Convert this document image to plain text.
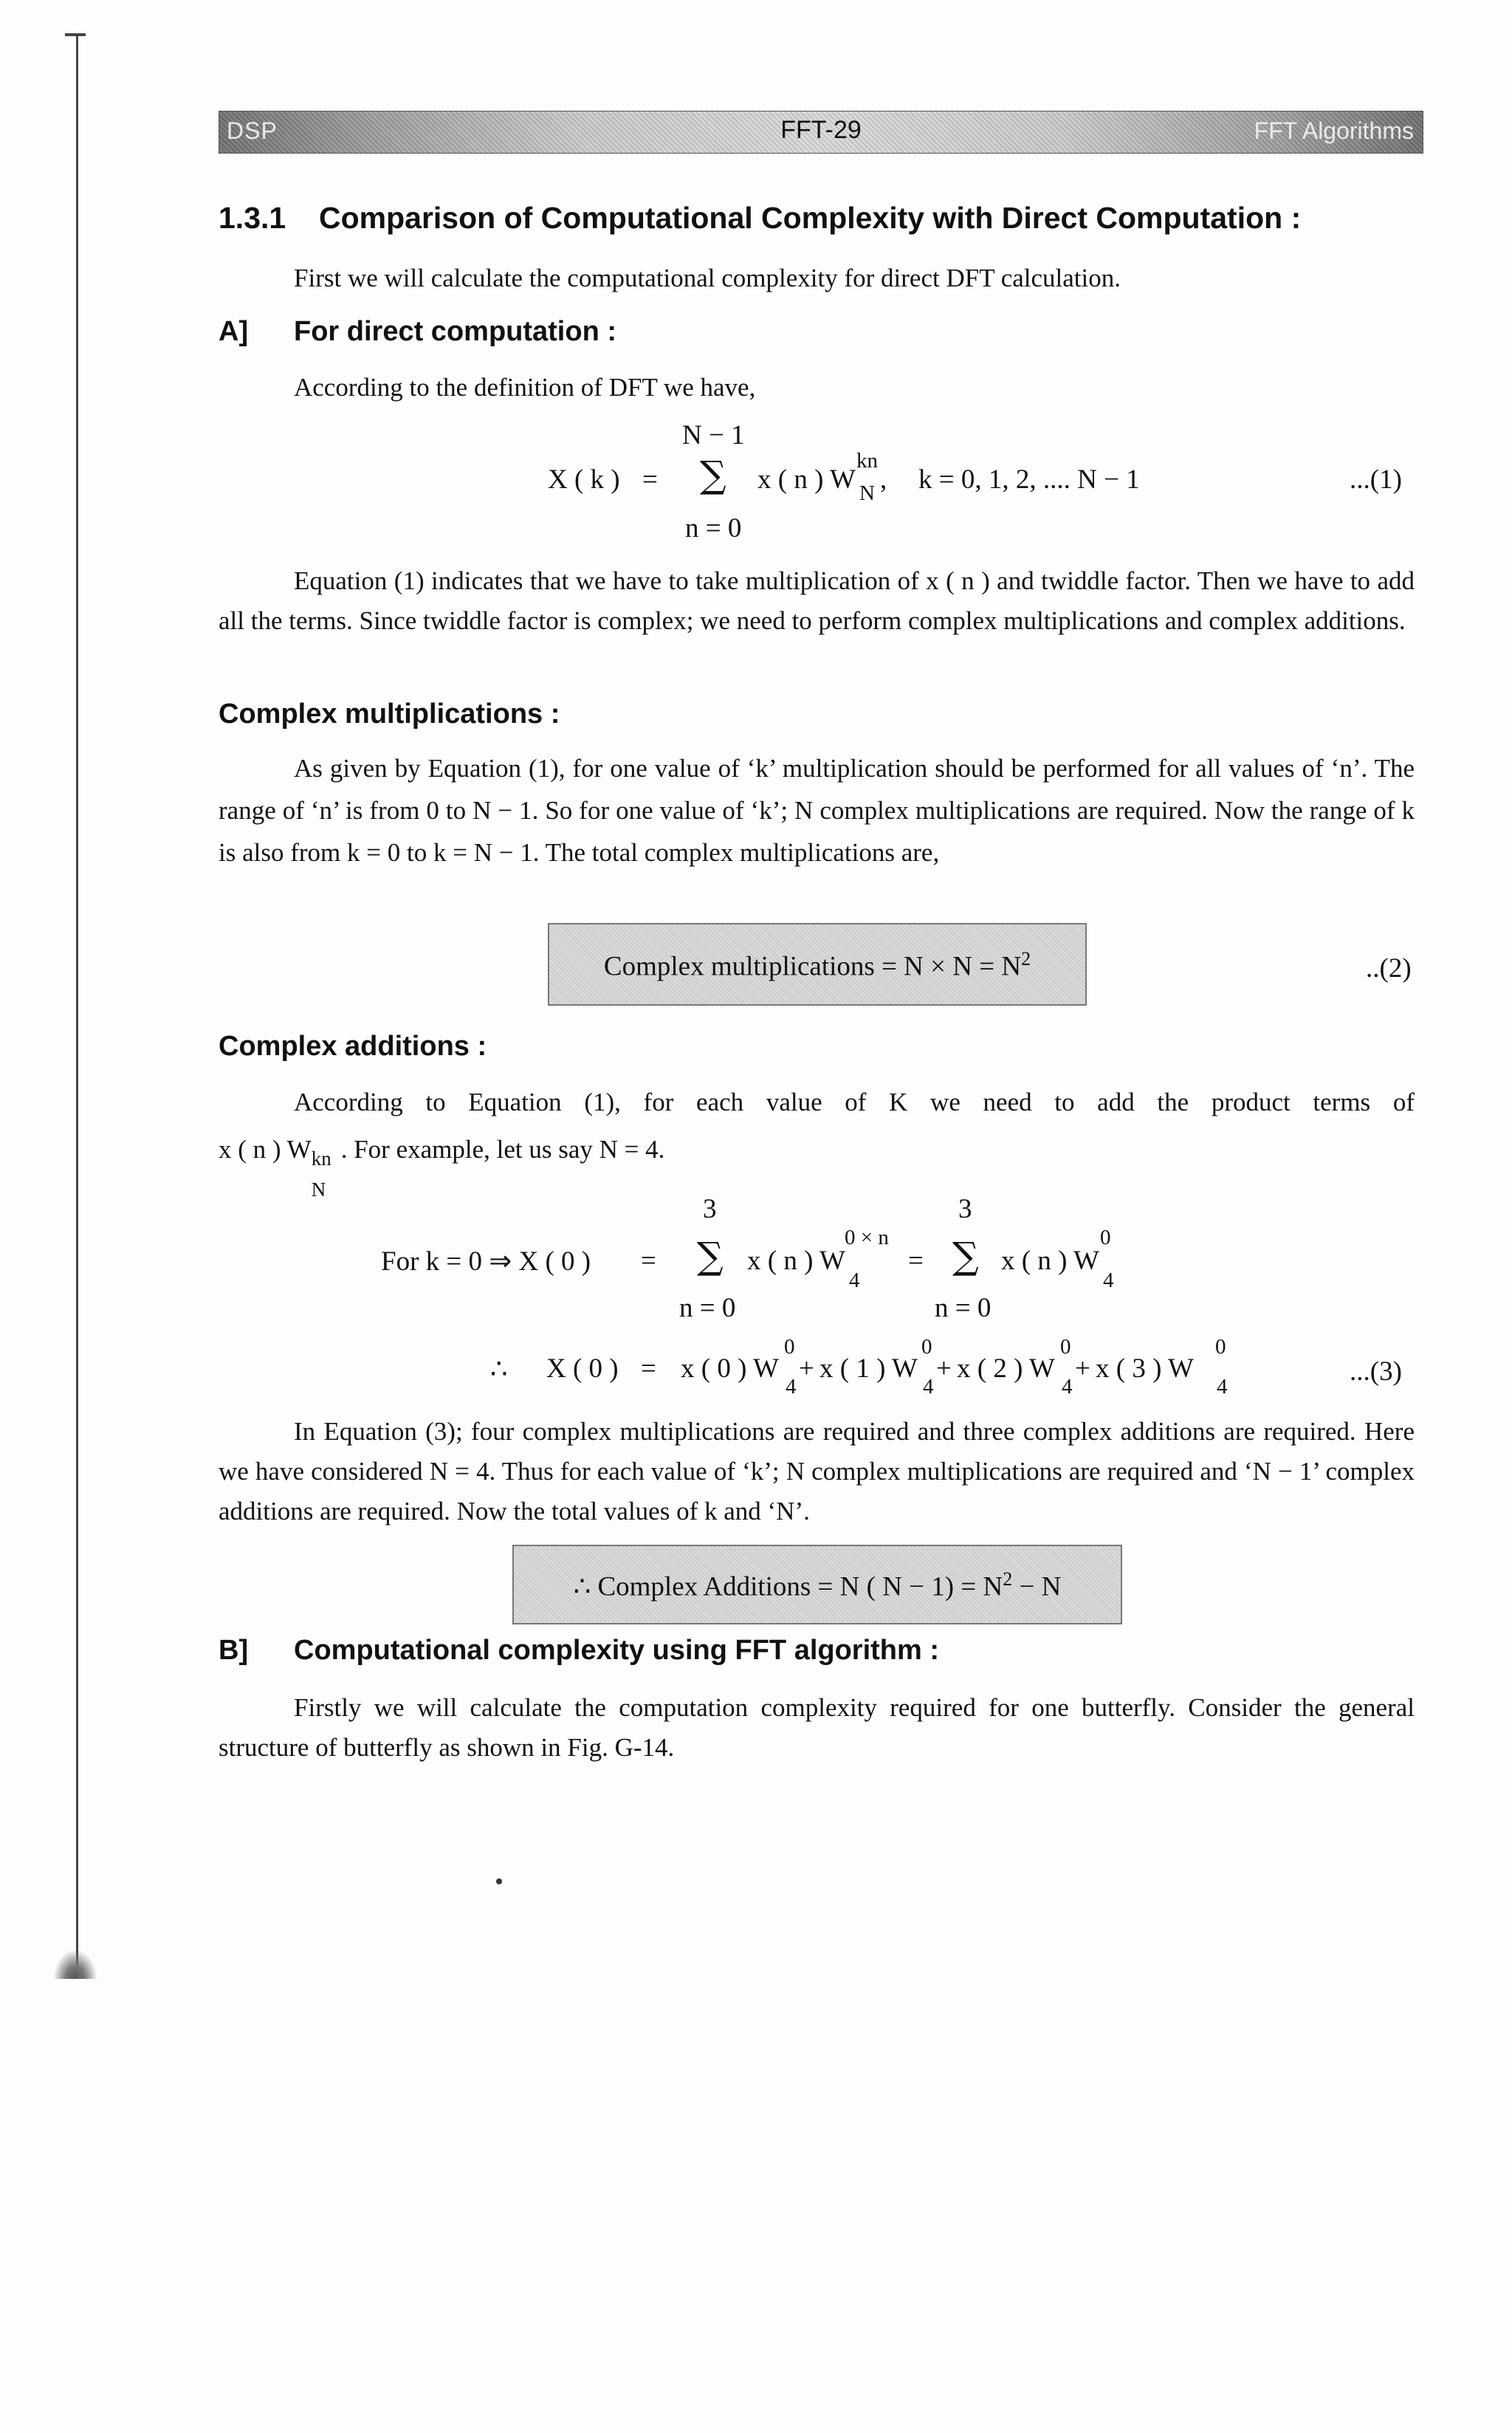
DSP	FFT-29	FFT Algorithms
1.3.1 Comparison of Computational Complexity with Direct Computation :
First we will calculate the computational complexity for direct DFT calculation.
A] For direct computation :
According to the definition of DFT we have,
N − 1
X ( k ) = ∑ x ( n ) W
kn
N , k = 0, 1, 2, .... N − 1
n = 0
...(1)
Equation (1) indicates that we have to take multiplication of x ( n ) and twiddle factor. Then we have to add all the terms. Since twiddle factor is complex; we need to perform complex multiplications and complex additions.
Complex multiplications :
As given by Equation (1), for one value of ‘k’ multiplication should be performed for all values of ‘n’. The range of ‘n’ is from 0 to N − 1. So for one value of ‘k’; N complex multiplications are required. Now the range of k is also from k = 0 to k = N − 1. The total complex multiplications are,
Complex multiplications = $N \times N = N^2$	..(2)
Complex additions :
According to Equation (1), for each value of K we need to add the product terms of
x ( n ) W kn
N
. For example, let us say N = 4.
3	3
For k = 0 ⇒ X ( 0 ) = ∑ x ( n ) W
0 × n
4
= ∑ x ( n ) W
0
4
n = 0	n = 0
∴ X ( 0 ) = x ( 0 ) W
0
4
+ x ( 1 ) W
0
4
+ x ( 2 ) W
0
4
+ x ( 3 ) W
0
4	...(3)
In Equation (3); four complex multiplications are required and three complex additions are required. Here we have considered N = 4. Thus for each value of ‘k’; N complex multiplications are required and ‘N − 1’ complex additions are required. Now the total values of k and ‘N’.
∴ Complex Additions = N ( $N - 1) = N^2 - N$
B] Computational complexity using FFT algorithm :
Firstly we will calculate the computation complexity required for one butterfly. Consider the general structure of butterfly as shown in Fig. G-14.
